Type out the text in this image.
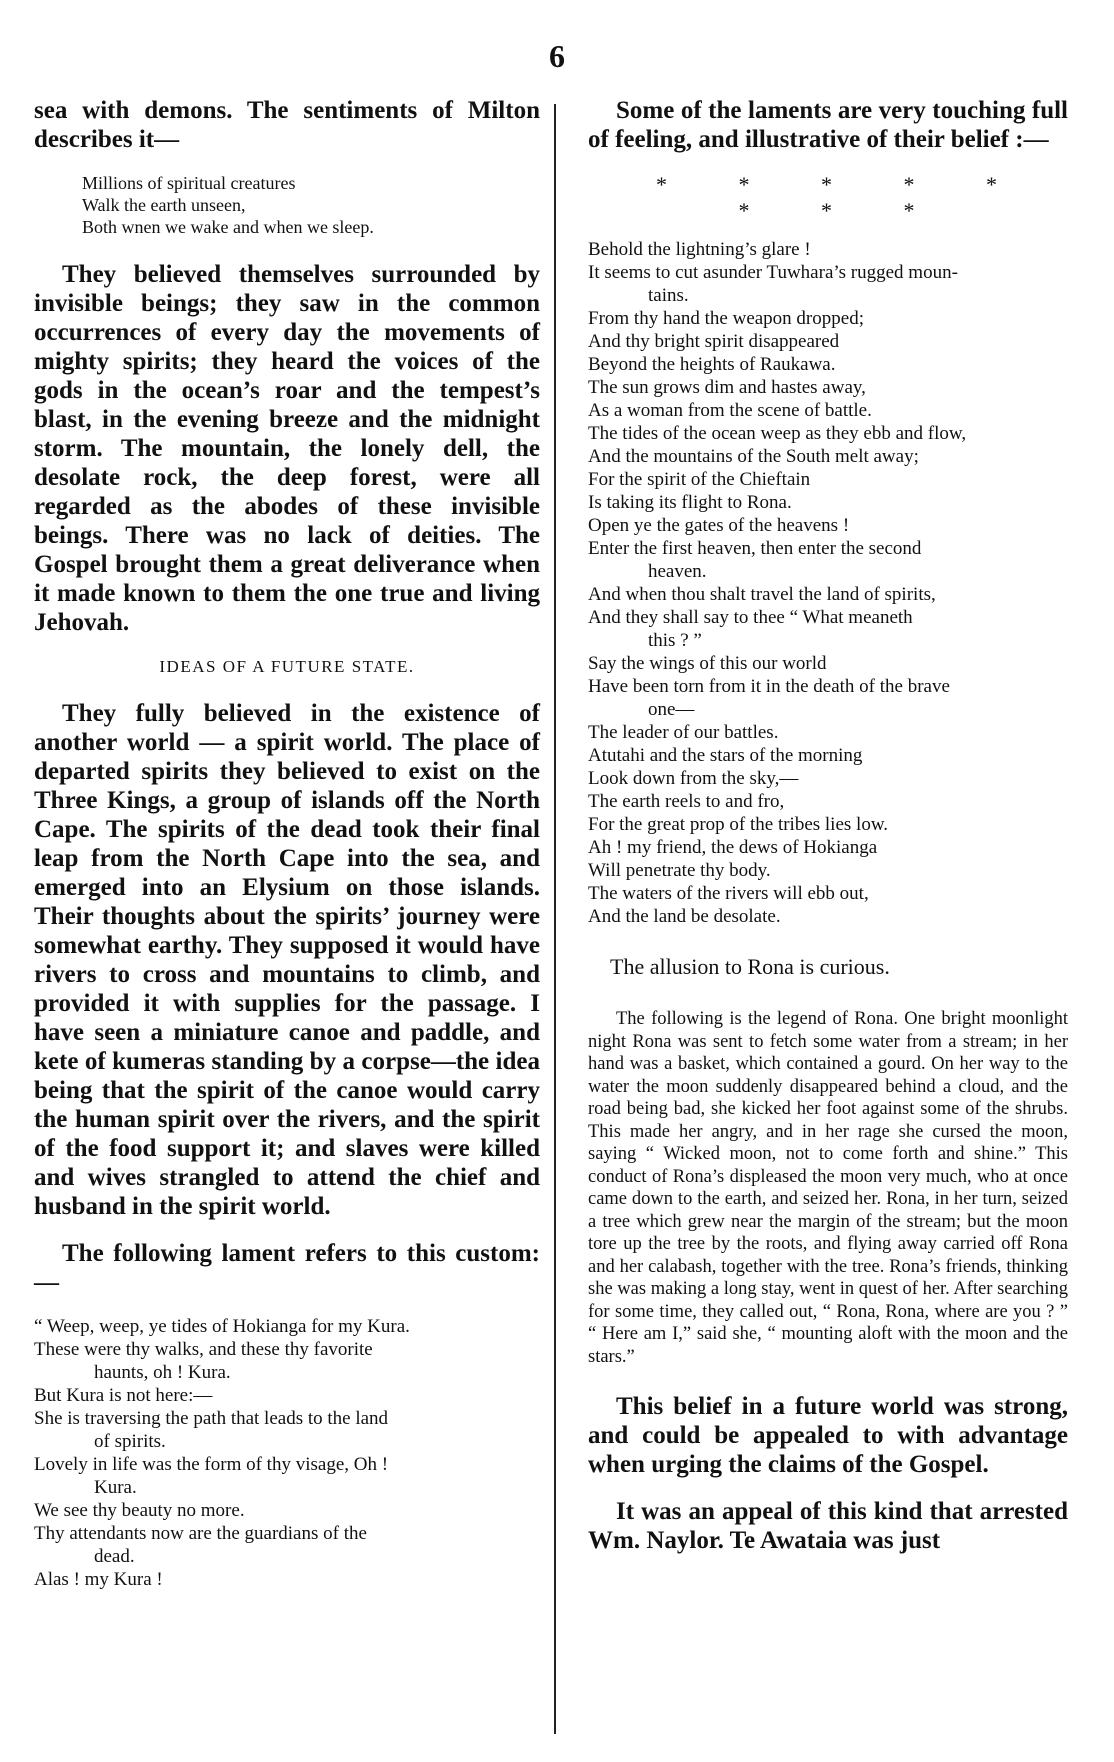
6

sea with demons. The sentiments of Milton describes it—

Millions of spiritual creatures
Walk the earth unseen,
Both wnen we wake and when we sleep.

They believed themselves surrounded by invisible beings; they saw in the common occurrences of every day the movements of mighty spirits; they heard the voices of the gods in the ocean’s roar and the tempest’s blast, in the evening breeze and the midnight storm. The mountain, the lonely dell, the desolate rock, the deep forest, were all regarded as the abodes of these invisible beings. There was no lack of deities. The Gospel brought them a great deliverance when it made known to them the one true and living Jehovah.

IDEAS OF A FUTURE STATE.

They fully believed in the existence of another world — a spirit world. The place of departed spirits they believed to exist on the Three Kings, a group of islands off the North Cape. The spirits of the dead took their final leap from the North Cape into the sea, and emerged into an Elysium on those islands. Their thoughts about the spirits’ journey were somewhat earthy. They supposed it would have rivers to cross and mountains to climb, and provided it with supplies for the passage. I have seen a miniature canoe and paddle, and kete of kumeras standing by a corpse—the idea being that the spirit of the canoe would carry the human spirit over the rivers, and the spirit of the food support it; and slaves were killed and wives strangled to attend the chief and husband in the spirit world.

The following lament refers to this custom:—

“ Weep, weep, ye tides of Hokianga for my Kura.
These were thy walks, and these thy favorite
haunts, oh ! Kura.
But Kura is not here:—
She is traversing the path that leads to the land
of spirits.
Lovely in life was the form of thy visage, Oh !
Kura.
We see thy beauty no more.
Thy attendants now are the guardians of the
dead.
Alas ! my Kura !

Some of the laments are very touching full of feeling, and illustrative of their belief :—

* * * * * * * *
Behold the lightning’s glare !
It seems to cut asunder Tuwhara’s rugged moun-
tains.
From thy hand the weapon dropped;
And thy bright spirit disappeared
Beyond the heights of Raukawa.
The sun grows dim and hastes away,
As a woman from the scene of battle.
The tides of the ocean weep as they ebb and flow,
And the mountains of the South melt away;
For the spirit of the Chieftain
Is taking its flight to Rona.
Open ye the gates of the heavens !
Enter the first heaven, then enter the second
heaven.
And when thou shalt travel the land of spirits,
And they shall say to thee “ What meaneth
this ? ”
Say the wings of this our world
Have been torn from it in the death of the brave
one—
The leader of our battles.
Atutahi and the stars of the morning
Look down from the sky,—
The earth reels to and fro,
For the great prop of the tribes lies low.
Ah ! my friend, the dews of Hokianga
Will penetrate thy body.
The waters of the rivers will ebb out,
And the land be desolate.
The allusion to Rona is curious.

The following is the legend of Rona. One bright moonlight night Rona was sent to fetch some water from a stream; in her hand was a basket, which contained a gourd. On her way to the water the moon suddenly disappeared behind a cloud, and the road being bad, she kicked her foot against some of the shrubs. This made her angry, and in her rage she cursed the moon, saying “ Wicked moon, not to come forth and shine.” This conduct of Rona’s displeased the moon very much, who at once came down to the earth, and seized her. Rona, in her turn, seized a tree which grew near the margin of the stream; but the moon tore up the tree by the roots, and flying away carried off Rona and her calabash, together with the tree. Rona’s friends, thinking she was making a long stay, went in quest of her. After searching for some time, they called out, “ Rona, Rona, where are you ? ” “ Here am I,” said she, “ mounting aloft with the moon and the stars.”

This belief in a future world was strong, and could be appealed to with advantage when urging the claims of the Gospel.

It was an appeal of this kind that arrested Wm. Naylor. Te Awataia was just
